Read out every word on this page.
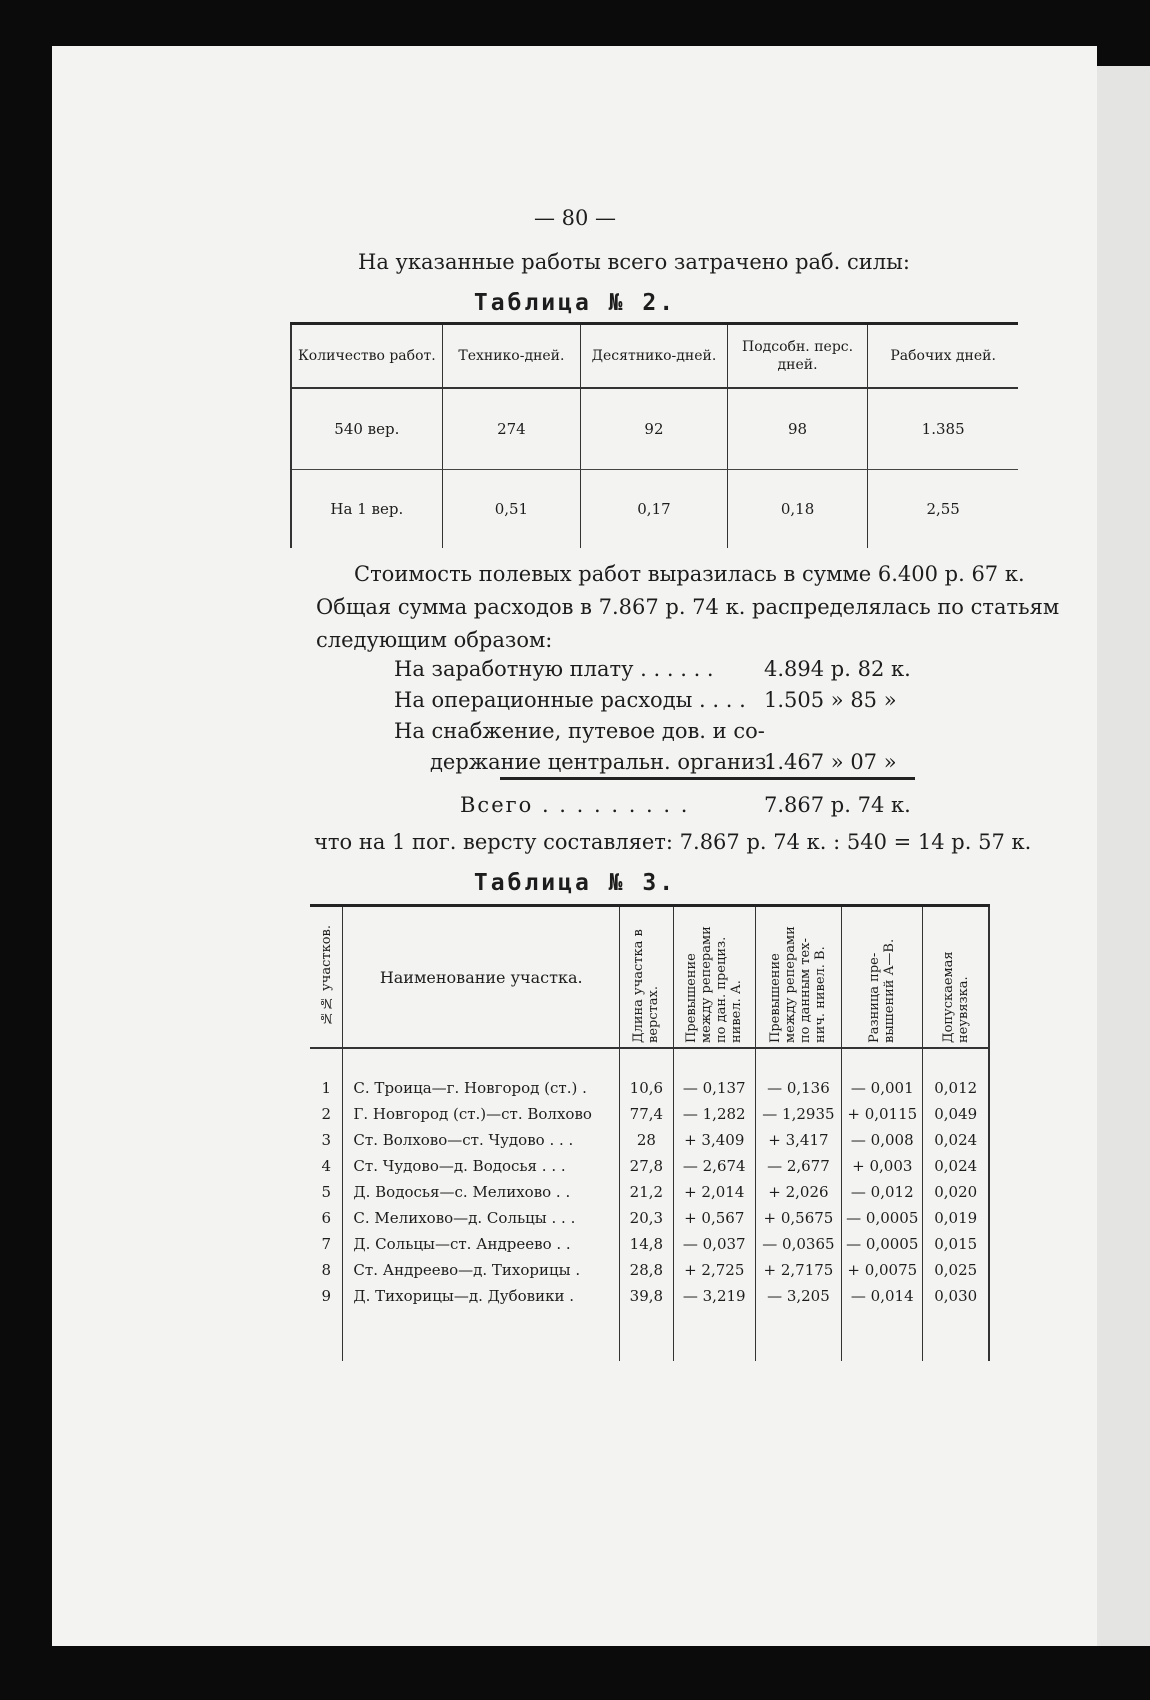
— 80 —
На указанные работы всего затрачено раб. силы:
Таблица № 2.
Количество работ.	Технико-дней.	Десятнико-дней.	Подсобн. перс. дней.	Рабочих дней.
540 вер.	274	92	98	1.385
На 1 вер.	0,51	0,17	0,18	2,55
Стоимость полевых работ выразилась в сумме 6.400 р. 67 к.
Общая сумма расходов в 7.867 р. 74 к. распределялась по статьям
следующим образом:
На заработную плату . . . . . . 4.894 р. 82 к.
На операционные расходы . . . . 1.505 » 85 »
На снабжение, путевое дов. и со-
держание центральн. организ.
1.467 » 07 »
Всего . . . . . . . . .	7.867 р. 74 к.
что на 1 пог. версту составляет: 7.867 р. 74 к. : 540 = 14 р. 57 к.
Таблица № 3.
№№ участков.	Наименование участка.	Длина участка в верстах.	Превышение между реперами по дан. прециз. нивел. А.	Превышение между реперами по данным тех- нич. нивел. В.	Разница пре- вышений А—В.	Допускаемая неувязка.

1	С. Троица—г. Новгород (ст.) .	10,6	— 0,137	— 0,136	— 0,001	0,012
2	Г. Новгород (ст.)—ст. Волхово	77,4	— 1,282	— 1,2935	+ 0,0115	0,049
3	Ст. Волхово—ст. Чудово . . .	28	+ 3,409	+ 3,417	— 0,008	0,024
4	Ст. Чудово—д. Водосья . . .	27,8	— 2,674	— 2,677	+ 0,003	0,024
5	Д. Водосья—с. Мелихово . .	21,2	+ 2,014	+ 2,026	— 0,012	0,020
6	С. Мелихово—д. Сольцы . . .	20,3	+ 0,567	+ 0,5675	— 0,0005	0,019
7	Д. Сольцы—ст. Андреево . .	14,8	— 0,037	— 0,0365	— 0,0005	0,015
8	Ст. Андреево—д. Тихорицы .	28,8	+ 2,725	+ 2,7175	+ 0,0075	0,025
9	Д. Тихорицы—д. Дубовики .	39,8	— 3,219	— 3,205	— 0,014	0,030
